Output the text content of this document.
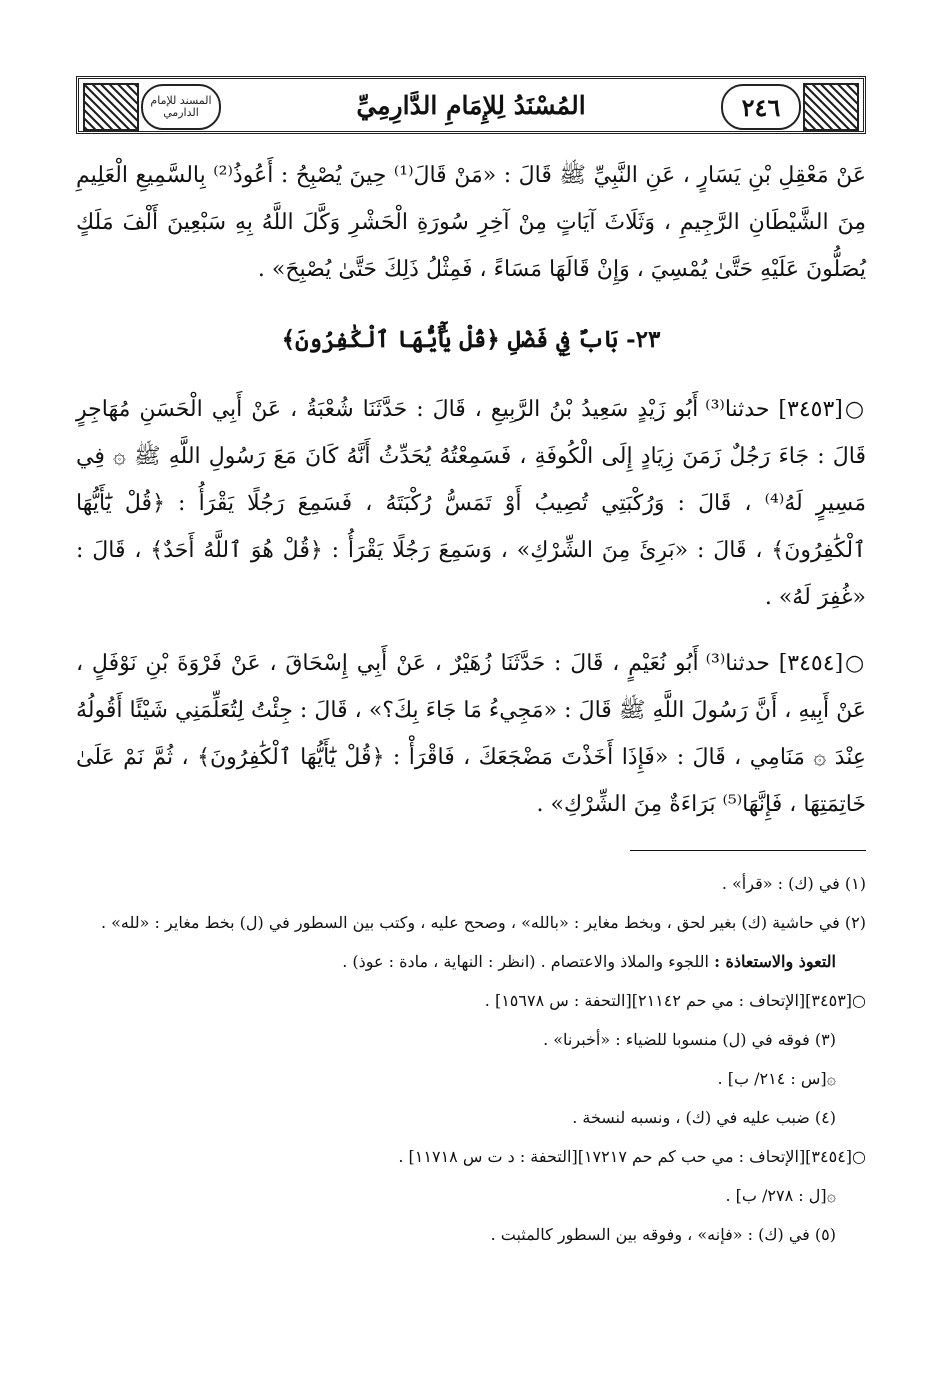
المسند للإمام الدارمي	المُسْنَدُ لِلإِمَامِ الدَّارِمِيِّ	٢٤٦

عَنْ مَعْقِلِ بْنِ يَسَارٍ ، عَنِ النَّبِيِّ ﷺ قَالَ : «مَنْ قَالَ⁽¹⁾ حِينَ يُصْبِحُ : أَعُوذُ⁽²⁾ بِالسَّمِيعِ الْعَلِيمِ مِنَ الشَّيْطَانِ الرَّجِيمِ ، وَثَلَاثَ آيَاتٍ مِنْ آخِرِ سُورَةِ الْحَشْرِ وَكَّلَ اللَّهُ بِهِ سَبْعِينَ أَلْفَ مَلَكٍ يُصَلُّونَ عَلَيْهِ حَتَّىٰ يُمْسِيَ ، وَإِنْ قَالَهَا مَسَاءً ، فَمِثْلُ ذَلِكَ حَتَّىٰ يُصْبِحَ» .

٢٣- بَابٌ فِي فَضْلِ ﴿قُلْ يَٰٓأَيُّهَا ٱلْكَٰفِرُونَ﴾

○[٣٤٥٣] حدثنا⁽³⁾ أَبُو زَيْدٍ سَعِيدُ بْنُ الرَّبِيعِ ، قَالَ : حَدَّثَنَا شُعْبَةُ ، عَنْ أَبِي الْحَسَنِ مُهَاجِرٍ قَالَ : جَاءَ رَجُلٌ زَمَنَ زِيَادٍ إِلَى الْكُوفَةِ ، فَسَمِعْتُهُ يُحَدِّثُ أَنَّهُ كَانَ مَعَ رَسُولِ اللَّهِ ﷺ ۞ فِي مَسِيرٍ لَهُ⁽⁴⁾ ، قَالَ : وَرُكْبَتِي تُصِيبُ أَوْ تَمَسُّ رُكْبَتَهُ ، فَسَمِعَ رَجُلًا يَقْرَأُ : ﴿قُلْ يَٰٓأَيُّهَا ٱلْكَٰفِرُونَ﴾ ، قَالَ : «بَرِئَ مِنَ الشِّرْكِ» ، وَسَمِعَ رَجُلًا يَقْرَأُ : ﴿قُلْ هُوَ ٱللَّهُ أَحَدٌ﴾ ، قَالَ : «غُفِرَ لَهُ» .

○[٣٤٥٤] حدثنا⁽³⁾ أَبُو نُعَيْمٍ ، قَالَ : حَدَّثَنَا زُهَيْرٌ ، عَنْ أَبِي إِسْحَاقَ ، عَنْ فَرْوَةَ بْنِ نَوْفَلٍ ، عَنْ أَبِيهِ ، أَنَّ رَسُولَ اللَّهِ ﷺ قَالَ : «مَجِيءُ مَا جَاءَ بِكَ؟» ، قَالَ : جِئْتُ لِتُعَلِّمَنِي شَيْئًا أَقُولُهُ عِنْدَ ۞ مَنَامِي ، قَالَ : «فَإِذَا أَخَذْتَ مَضْجَعَكَ ، فَاقْرَأْ : ﴿قُلْ يَٰٓأَيُّهَا ٱلْكَٰفِرُونَ﴾ ، ثُمَّ نَمْ عَلَىٰ خَاتِمَتِهَا ، فَإِنَّهَا⁽⁵⁾ بَرَاءَةٌ مِنَ الشِّرْكِ» .

(١) في (ك) : «قرأ» .

(٢) في حاشية (ك) بغير لحق ، وبخط مغاير : «بالله» ، وصحح عليه ، وكتب بين السطور في (ل) بخط مغاير : «لله» .

التعوذ والاستعاذة : اللجوء والملاذ والاعتصام . (انظر : النهاية ، مادة : عوذ) .

○[٣٤٥٣][الإتحاف : مي حم ٢١١٤٢][التحفة : س ١٥٦٧٨] .

(٣) فوقه في (ل) منسوبا للضياء : «أخبرنا» .

۞[س : ٢١٤/ ب] .

(٤) ضبب عليه في (ك) ، ونسبه لنسخة .

○[٣٤٥٤][الإتحاف : مي حب كم حم ١٧٢١٧][التحفة : د ت س ١١٧١٨] .

۞[ل : ٢٧٨/ ب] .

(٥) في (ك) : «فإنه» ، وفوقه بين السطور كالمثبت .
